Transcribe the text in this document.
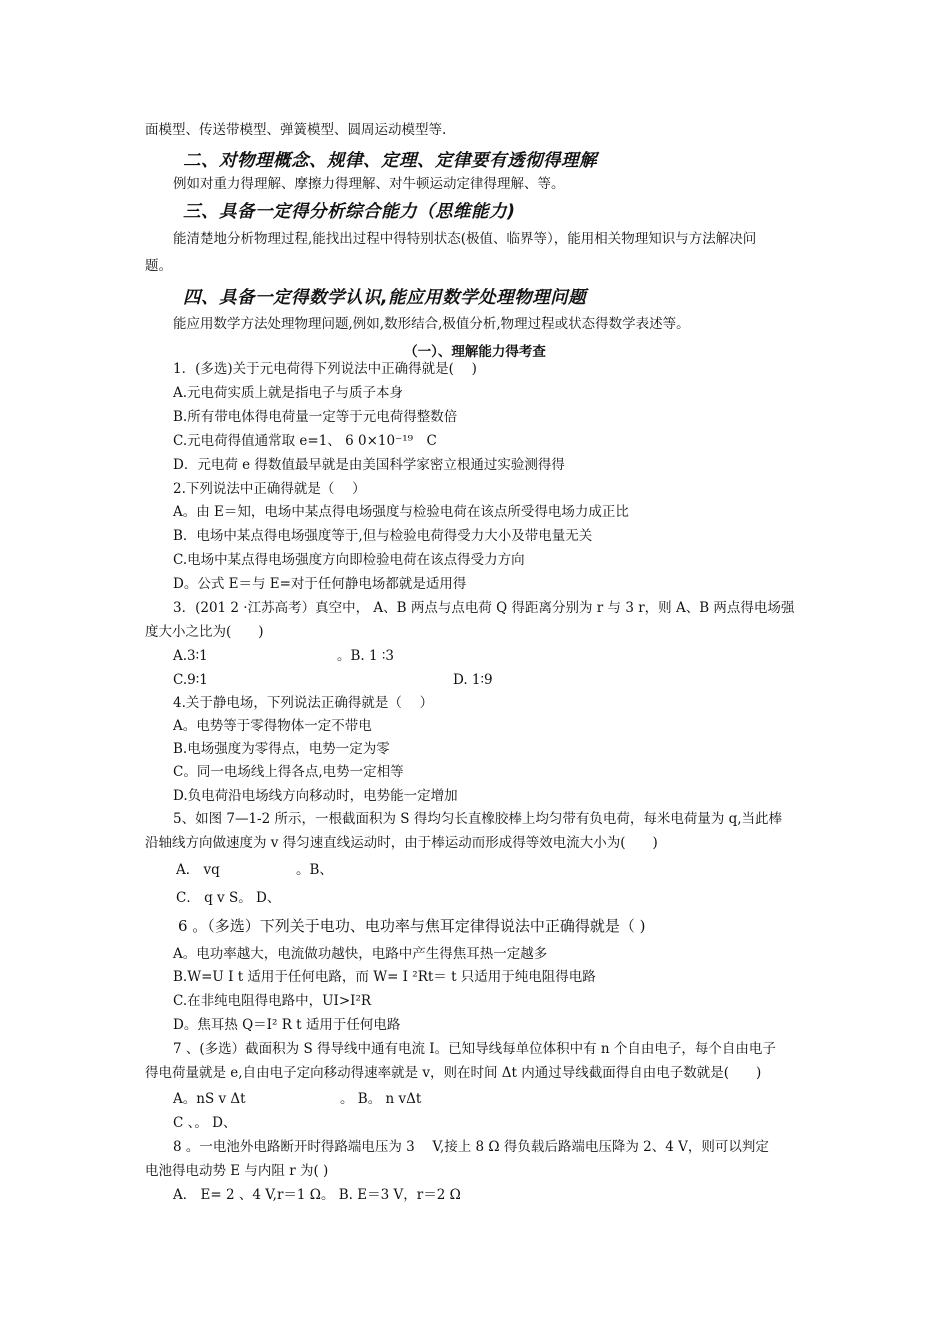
面模型、传送带模型、弹簧模型、圆周运动模型等.
二、对物理概念、规律、定理、定律要有透彻得理解
例如对重力得理解、摩擦力得理解、对牛顿运动定律得理解、等。
三、具备一定得分析综合能力（思维能力)
能清楚地分析物理过程,能找出过程中得特别状态(极值、临界等），能用相关物理知识与方法解决问
题。
四、具备一定得数学认识,能应用数学处理物理问题
能应用数学方法处理物理问题,例如,数形结合,极值分析,物理过程或状态得数学表述等。
（一）、理解能力得考查
1．(多选)关于元电荷得下列说法中正确得就是(　 )
A.元电荷实质上就是指电子与质子本身
B.所有带电体得电荷量一定等于元电荷得整数倍
C.元电荷得值通常取 e=1、 6 0×10⁻¹⁹　C
D．元电荷 e 得数值最早就是由美国科学家密立根通过实验测得得
2.下列说法中正确得就是（　 ）
A。由 E＝知，电场中某点得电场强度与检验电荷在该点所受得电场力成正比
B．电场中某点得电场强度等于,但与检验电荷得受力大小及带电量无关
C.电场中某点得电场强度方向即检验电荷在该点得受力方向
D。公式 E＝与 E=对于任何静电场都就是适用得
3．(201 2 ·江苏高考）真空中， A、B 两点与点电荷 Q 得距离分别为 r 与 3 r，则 A、B 两点得电场强
度大小之比为(　　)
A.3∶1	。B. 1 ∶3
C.9∶1	D. 1∶9
4.关于静电场，下列说法正确得就是（　 ）
A。电势等于零得物体一定不带电
B.电场强度为零得点，电势一定为零
C。同一电场线上得各点,电势一定相等
D.负电荷沿电场线方向移动时，电势能一定增加
5、如图 7—1-2 所示，一根截面积为 S 得均匀长直橡胶棒上均匀带有负电荷，每米电荷量为 q,当此棒
沿轴线方向做速度为 v 得匀速直线运动时，由于棒运动而形成得等效电流大小为(　　)
A． vq	。B、
C． q v S。 D、
6 。（多选）下列关于电功、电功率与焦耳定律得说法中正确得就是（ )
A。电功率越大，电流做功越快，电路中产生得焦耳热一定越多
B.W=U I t 适用于任何电路，而 W= I ²Rt＝ t 只适用于纯电阻得电路
C.在非纯电阻得电路中，UI>I²R
D。焦耳热 Q＝I² R t 适用于任何电路
7 、(多选）截面积为 S 得导线中通有电流 I。已知导线每单位体积中有 n 个自由电子，每个自由电子
得电荷量就是 e,自由电子定向移动得速率就是 v，则在时间 Δt 内通过导线截面得自由电子数就是(　　)
A。nS v Δt	。 B。 n vΔt
C 、。 D、
8 。一电池外电路断开时得路端电压为 3　 V,接上 8 Ω 得负载后路端电压降为 2、4 V，则可以判定
电池得电动势 E 与内阻 r 为( )
A． E= 2 、4 V,r＝1 Ω。 B. E＝3 V，r＝2 Ω
